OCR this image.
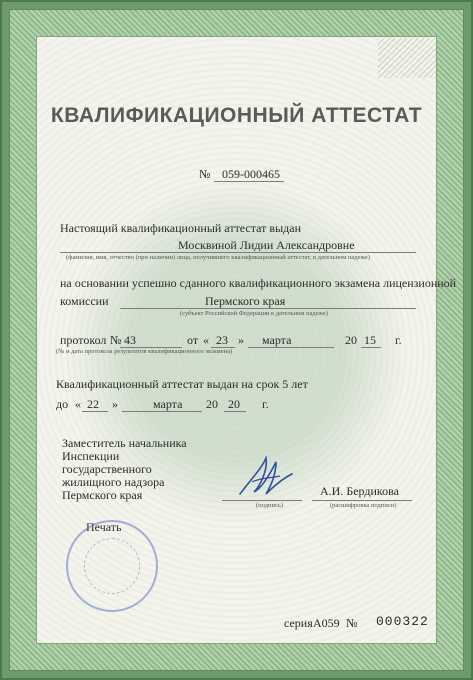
КВАЛИФИКАЦИОННЫЙ АТТЕСТАТ
№ 059-000465
Настоящий квалификационный аттестат выдан
Москвиной Лидии Александровне
(фамилия, имя, отчество (при наличии) лица, получившего квалификационный аттестат, в дательном падеже)
на основании успешно сданного квалификационного экзамена лицензионной
комиссии	Пермского края
(субъект Российской Федерации в дательном падеже)
протокол № 43	от « 23 » марта	20 15 г.
(№ и дата протокола результатов квалификационного экзамена)
Квалификационный аттестат выдан на срок 5 лет
до « 22 »	марта 20 20 г.
Заместитель начальника
Инспекции
государственного
жилищного надзора
Пермского края
(подпись)
А.И. Бердикова
(расшифровка подписи)
Печать
серия А059 № 000322
